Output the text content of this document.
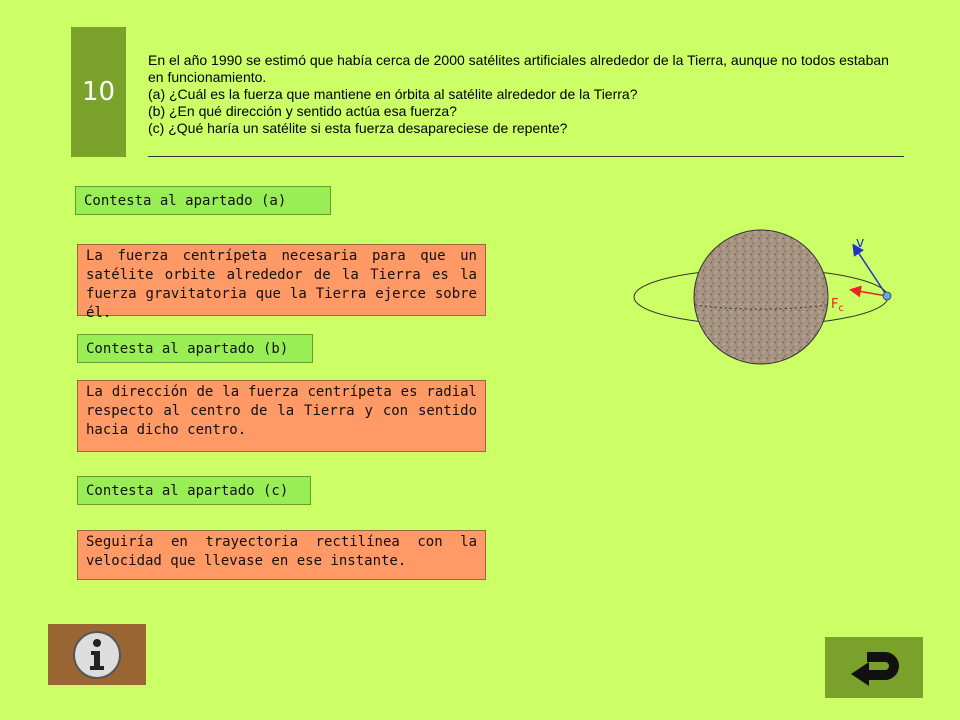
10

En el año 1990 se estimó que había cerca de 2000 satélites artificiales alrededor de la Tierra, aunque no todos estaban en funcionamiento.

(a) ¿Cuál es la fuerza que mantiene en órbita al satélite alrededor de la Tierra?

(b) ¿En qué dirección y sentido actúa esa fuerza?

(c) ¿Qué haría un satélite si esta fuerza desapareciese de repente?

Contesta al apartado (a)
La fuerza centrípeta necesaria para que un satélite orbite alrededor de la Tierra es la fuerza gravitatoria que la Tierra ejerce sobre él.
Contesta al apartado (b)
La dirección de la fuerza centrípeta es radial respecto al centro de la Tierra y con sentido hacia dicho centro.
Contesta al apartado (c)
Seguiría en trayectoria rectilínea con la velocidad que llevase en ese instante.
v
$F_c$
